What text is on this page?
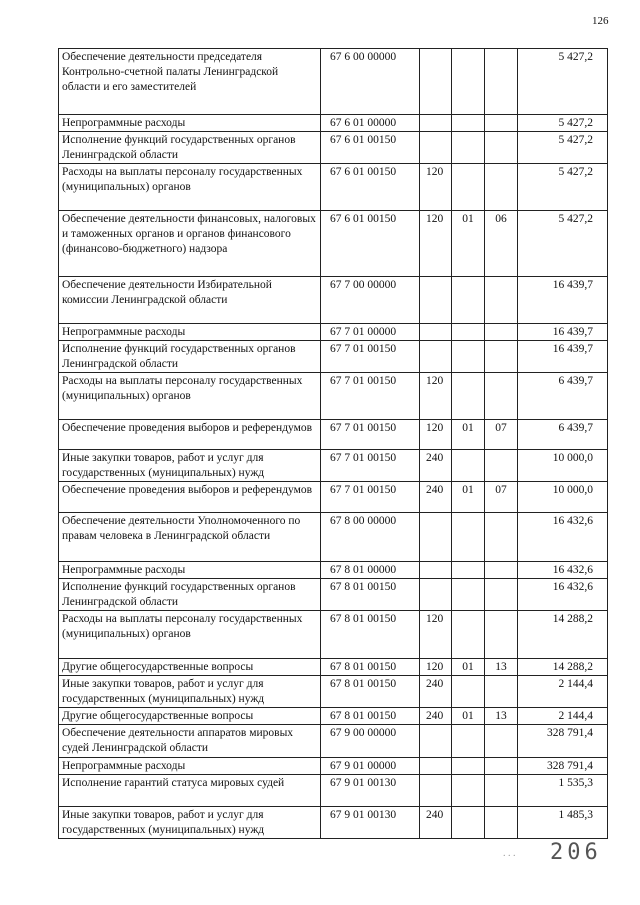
126
Обеспечение деятельности председателя Контрольно-счетной палаты Ленинградской области и его заместителей	67 6 00 00000				5 427,2
Непрограммные расходы	67 6 01 00000				5 427,2
Исполнение функций государственных органов Ленинградской области	67 6 01 00150				5 427,2
Расходы на выплаты персоналу государственных (муниципальных) органов	67 6 01 00150	120			5 427,2
Обеспечение деятельности финансовых, налоговых и таможенных органов и органов финансового (финансово-бюджетного) надзора	67 6 01 00150	120	01	06	5 427,2
Обеспечение деятельности Избирательной комиссии Ленинградской области	67 7 00 00000				16 439,7
Непрограммные расходы	67 7 01 00000				16 439,7
Исполнение функций государственных органов Ленинградской области	67 7 01 00150				16 439,7
Расходы на выплаты персоналу государственных (муниципальных) органов	67 7 01 00150	120			6 439,7
Обеспечение проведения выборов и референдумов	67 7 01 00150	120	01	07	6 439,7
Иные закупки товаров, работ и услуг для государственных (муниципальных) нужд	67 7 01 00150	240			10 000,0
Обеспечение проведения выборов и референдумов	67 7 01 00150	240	01	07	10 000,0
Обеспечение деятельности Уполномоченного по правам человека в Ленинградской области	67 8 00 00000				16 432,6
Непрограммные расходы	67 8 01 00000				16 432,6
Исполнение функций государственных органов Ленинградской области	67 8 01 00150				16 432,6
Расходы на выплаты персоналу государственных (муниципальных) органов	67 8 01 00150	120			14 288,2
Другие общегосударственные вопросы	67 8 01 00150	120	01	13	14 288,2
Иные закупки товаров, работ и услуг для государственных (муниципальных) нужд	67 8 01 00150	240			2 144,4
Другие общегосударственные вопросы	67 8 01 00150	240	01	13	2 144,4
Обеспечение деятельности аппаратов мировых судей Ленинградской области	67 9 00 00000				328 791,4
Непрограммные расходы	67 9 01 00000				328 791,4
Исполнение гарантий статуса мировых судей	67 9 01 00130				1 535,3
Иные закупки товаров, работ и услуг для государственных (муниципальных) нужд	67 9 01 00130	240			1 485,3
. . . 206
